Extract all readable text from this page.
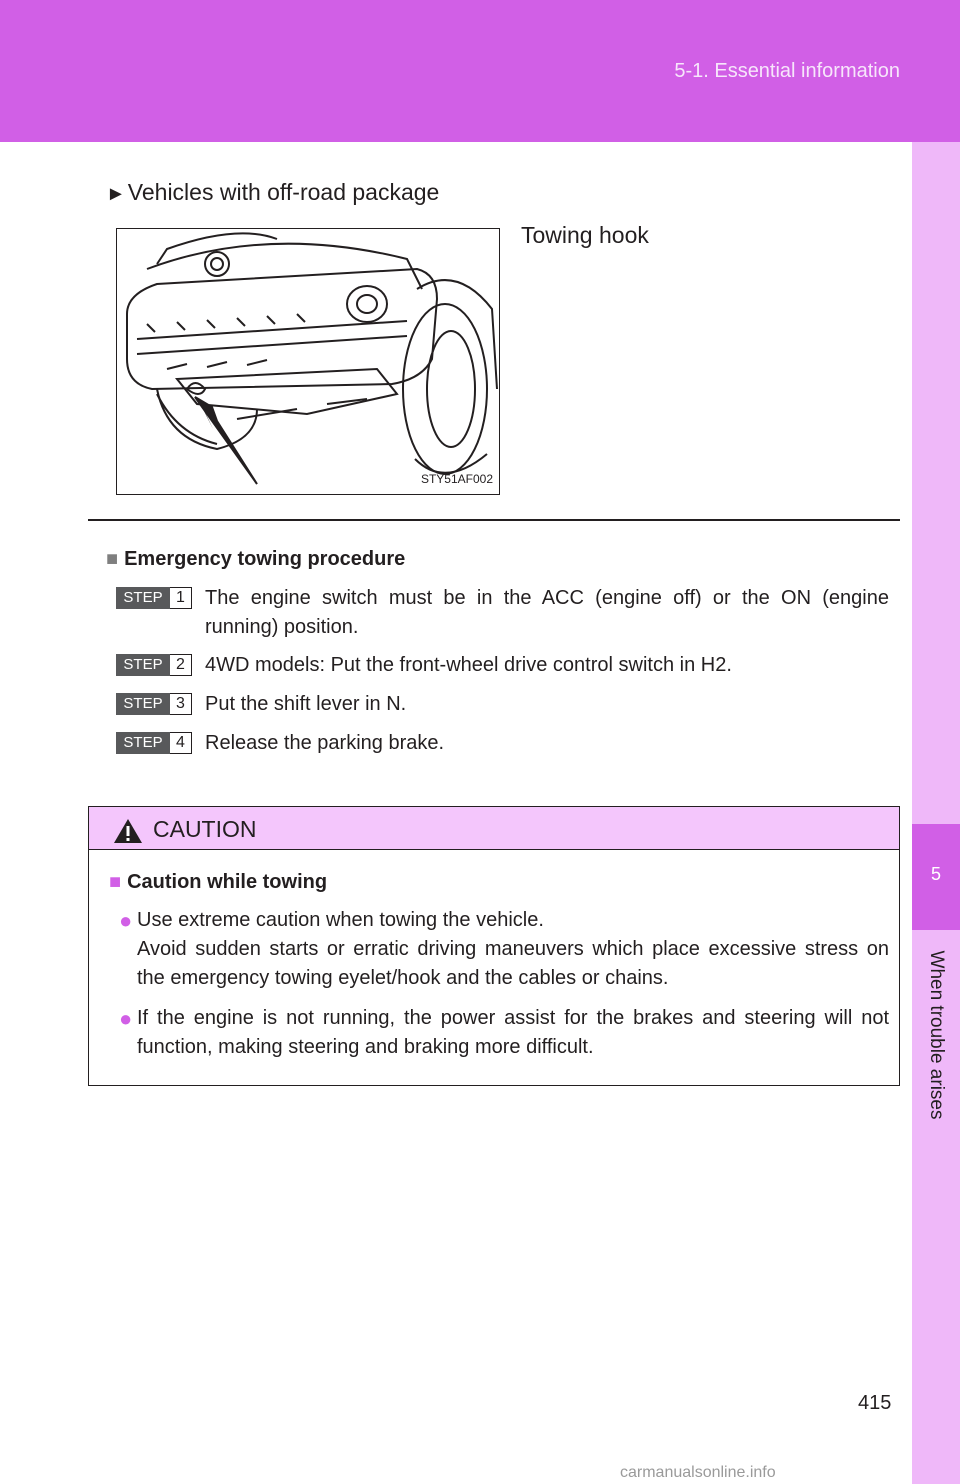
5-1. Essential information
5
When trouble arises
►Vehicles with off-road package
Towing hook
STY51AF002
■ Emergency towing procedure
STEP 1	The engine switch must be in the ACC (engine off) or the ON (engine running) position.
STEP 2	4WD models: Put the front-wheel drive control switch in H2.
STEP 3	Put the shift lever in N.
STEP 4	Release the parking brake.
CAUTION
■ Caution while towing
● Use extreme caution when towing the vehicle.
Avoid sudden starts or erratic driving maneuvers which place excessive stress on the emergency towing eyelet/hook and the cables or chains.
● If the engine is not running, the power assist for the brakes and steering will not function, making steering and braking more difficult.
415
carmanualsonline.info
